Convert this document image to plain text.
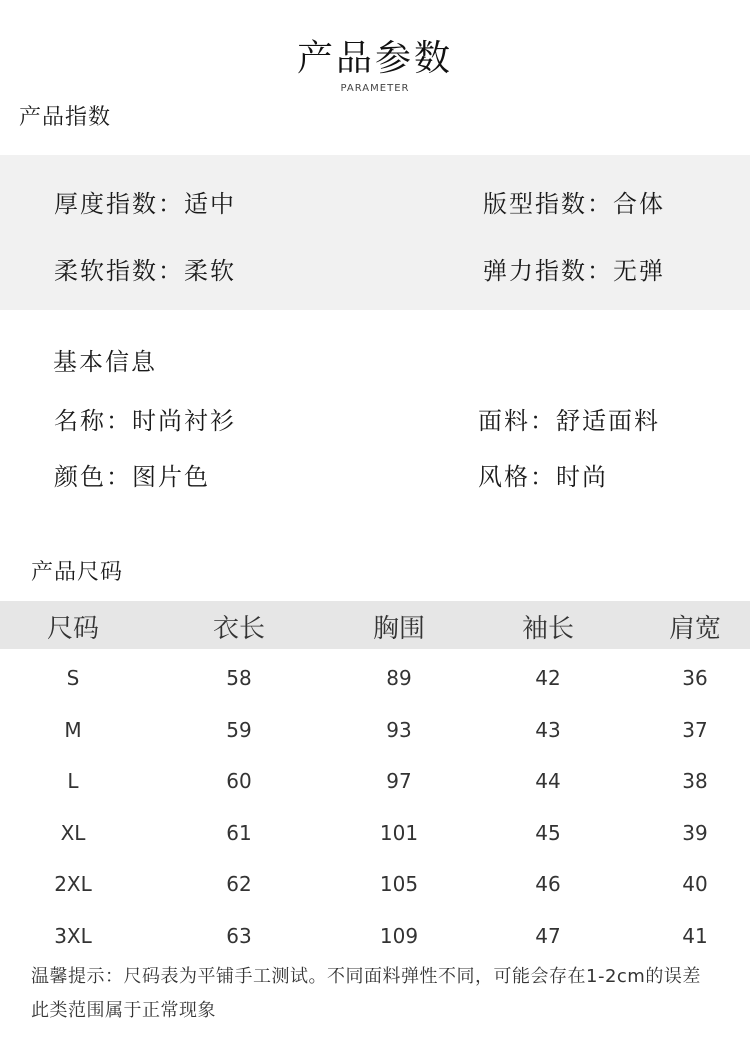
产品参数
PARAMETER
产品指数
厚度指数：适中	版型指数：合体
柔软指数：柔软	弹力指数：无弹
基本信息
名称：时尚衬衫	面料：舒适面料
颜色：图片色	风格：时尚
产品尺码
尺码	衣长	胸围	袖长	肩宽
S	58	89	42	36
M	59	93	43	37
L	60	97	44	38
XL	61	101	45	39
2XL	62	105	46	40
3XL	63	109	47	41
温馨提示：尺码表为平铺手工测试。不同面料弹性不同，可能会存在1-2cm的误差
此类范围属于正常现象
